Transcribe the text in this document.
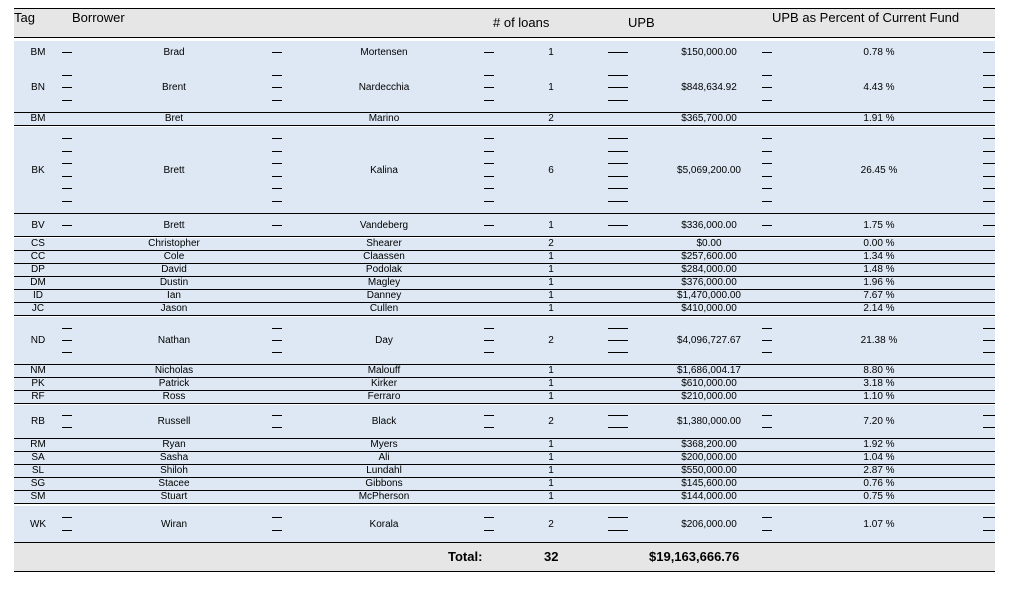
Tag	Borrower	# of loans	UPB	UPB as Percent of Current Fund
BM	Brad	Mortensen	1	$150,000.00	0.78 %
BN	Brent	Nardecchia	1	$848,634.92	4.43 %
BM	Bret	Marino	2	$365,700.00	1.91 %
BK	Brett	Kalina	6	$5,069,200.00	26.45 %
BV	Brett	Vandeberg	1	$336,000.00	1.75 %
CS	Christopher	Shearer	2	$0.00	0.00 %
CC	Cole	Claassen	1	$257,600.00	1.34 %
DP	David	Podolak	1	$284,000.00	1.48 %
DM	Dustin	Magley	1	$376,000.00	1.96 %
ID	Ian	Danney	1	$1,470,000.00	7.67 %
JC	Jason	Cullen	1	$410,000.00	2.14 %
ND	Nathan	Day	2	$4,096,727.67	21.38 %
NM	Nicholas	Malouff	1	$1,686,004.17	8.80 %
PK	Patrick	Kirker	1	$610,000.00	3.18 %
RF	Ross	Ferraro	1	$210,000.00	1.10 %
RB	Russell	Black	2	$1,380,000.00	7.20 %
RM	Ryan	Myers	1	$368,200.00	1.92 %
SA	Sasha	Ali	1	$200,000.00	1.04 %
SL	Shiloh	Lundahl	1	$550,000.00	2.87 %
SG	Stacee	Gibbons	1	$145,600.00	0.76 %
SM	Stuart	McPherson	1	$144,000.00	0.75 %
WK	Wiran	Korala	2	$206,000.00	1.07 %
Total:	32	$19,163,666.76
